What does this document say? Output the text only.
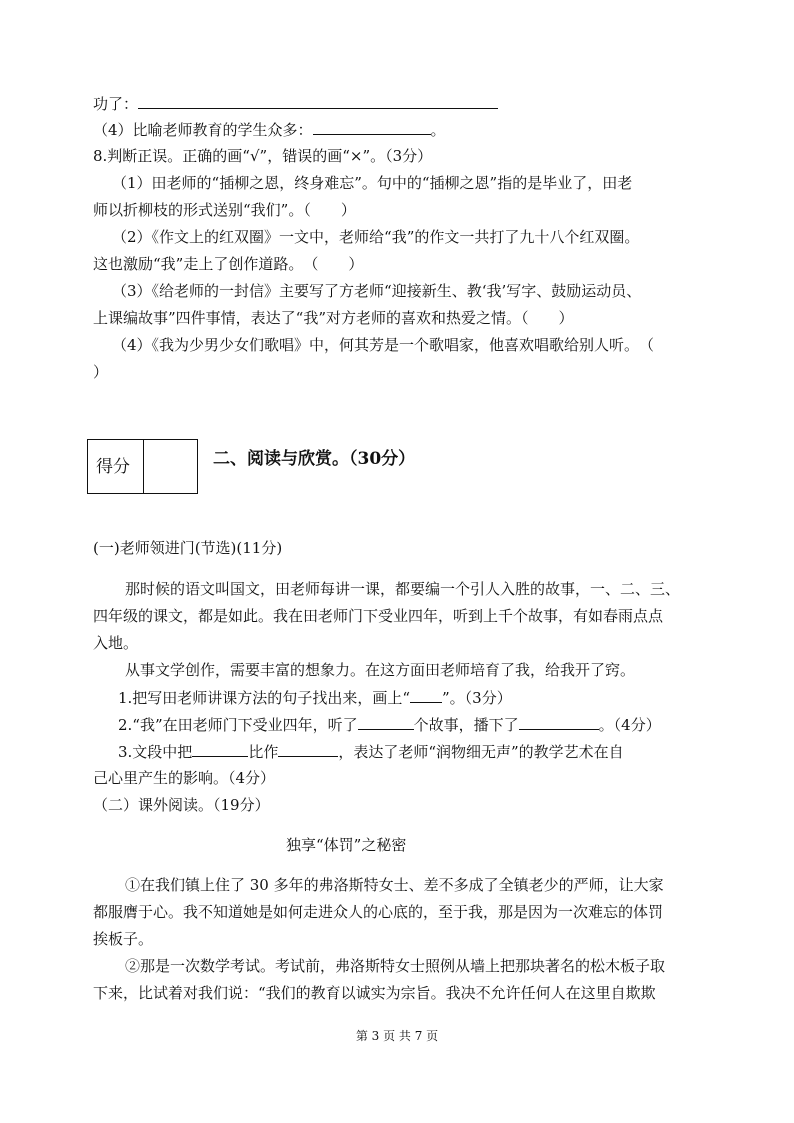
功了：
（4）比喻老师教育的学生众多：	。
8.判断正误。正确的画“√”，错误的画“×”。（3分）
（1）田老师的“插柳之恩，终身难忘”。句中的“插柳之恩”指的是毕业了，田老
师以折柳枝的形式送别“我们”。（　　）
（2）《作文上的红双圈》一文中，老师给“我”的作文一共打了九十八个红双圈。
这也激励“我”走上了创作道路。　（　　）
（3）《给老师的一封信》主要写了方老师“迎接新生、教‘我’写字、鼓励运动员、
上课编故事”四件事情，表达了“我”对方老师的喜欢和热爱之情。（　　）
（4）《我为少男少女们歌唱》中，何其芳是一个歌唱家，他喜欢唱歌给别人听。　（
）
得分	二、阅读与欣赏。（30分）
(一)老师领进门(节选)(11分)
那时候的语文叫国文，田老师每讲一课，都要编一个引人入胜的故事，一、二、三、
四年级的课文，都是如此。我在田老师门下受业四年，听到上千个故事，有如春雨点点
入地。
从事文学创作，需要丰富的想象力。在这方面田老师培育了我，给我开了窍。
1.把写田老师讲课方法的句子找出来，画上“ ”。（3分）
2.“我”在田老师门下受业四年，听了	个故事，播下了	。（4分）
3.文段中把	比作	，表达了老师“润物细无声”的教学艺术在自
己心里产生的影响。（4分）
（二）课外阅读。（19分）
独享“体罚”之秘密
①在我们镇上住了 30 多年的弗洛斯特女士、差不多成了全镇老少的严师，让大家
都服膺于心。我不知道她是如何走进众人的心底的，至于我，那是因为一次难忘的体罚
挨板子。
②那是一次数学考试。考试前，弗洛斯特女士照例从墙上把那块著名的松木板子取
下来，比试着对我们说：“我们的教育以诚实为宗旨。我决不允许任何人在这里自欺欺
第 3 页 共 7 页
